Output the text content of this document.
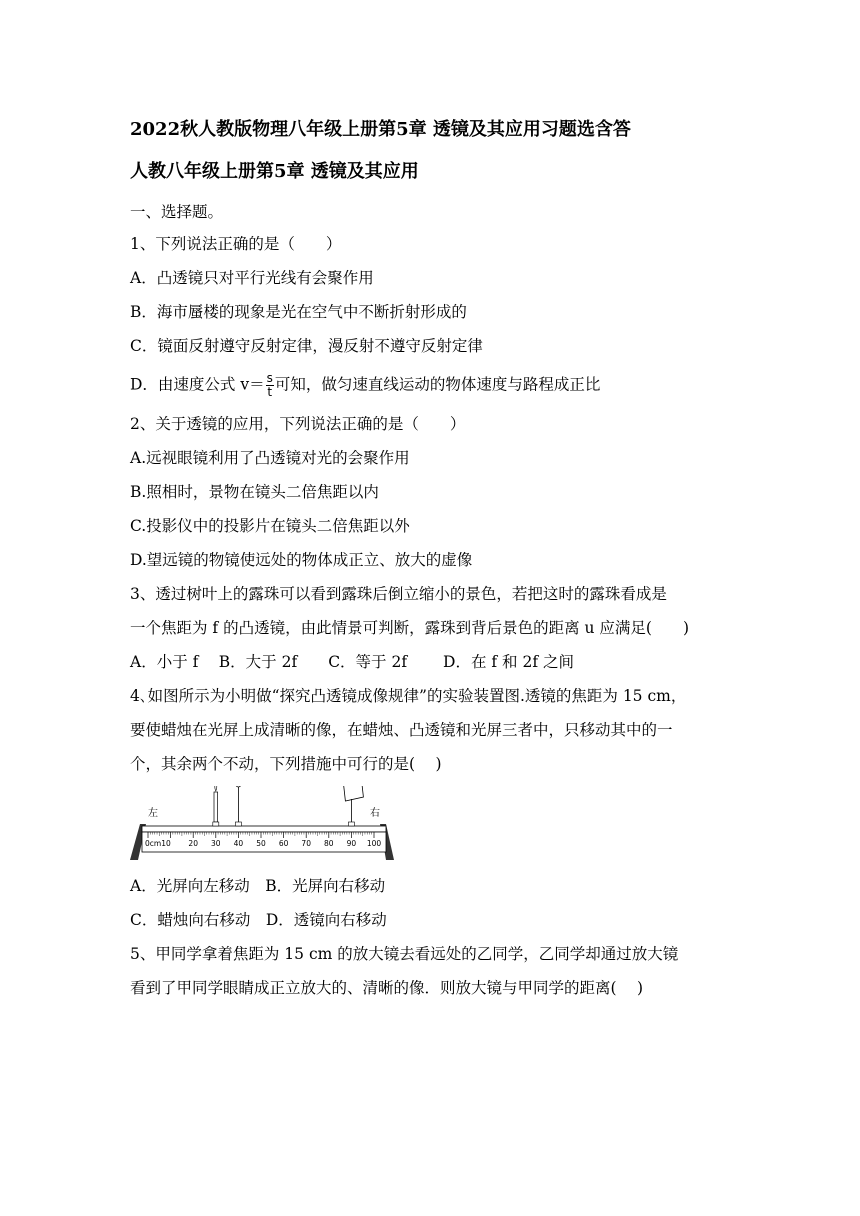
2022秋人教版物理八年级上册第5章 透镜及其应用习题选含答
人教八年级上册第5章 透镜及其应用
一、选择题。
1、下列说法正确的是（　　）
A．凸透镜只对平行光线有会聚作用
B．海市蜃楼的现象是光在空气中不断折射形成的
C．镜面反射遵守反射定律，漫反射不遵守反射定律
D．由速度公式 $v= \frac{s}{t}$ 可知，做匀速直线运动的物体速度与路程成正比
2、关于透镜的应用，下列说法正确的是（　　）
A.远视眼镜利用了凸透镜对光的会聚作用
B.照相时，景物在镜头二倍焦距以内
C.投影仪中的投影片在镜头二倍焦距以外
D.望远镜的物镜使远处的物体成正立、放大的虚像
3、透过树叶上的露珠可以看到露珠后倒立缩小的景色，若把这时的露珠看成是
一个焦距为 f 的凸透镜，由此情景可判断，露珠到背后景色的距离 u 应满足(　　)
A．小于 f　 B．大于 2f　　C．等于 2f　　 D．在 f 和 2f 之间
4､如图所示为小明做“探究凸透镜成像规律”的实验装置图.透镜的焦距为 15 cm，
要使蜡烛在光屏上成清晰的像，在蜡烛、凸透镜和光屏三者中，只移动其中的一
个，其余两个不动，下列措施中可行的是(　 )
左	右
0cm10 20 30 40 50 60 70 80 90 100
A．光屏向左移动　B．光屏向右移动
C．蜡烛向右移动　D．透镜向右移动
5、甲同学拿着焦距为 15 cm 的放大镜去看远处的乙同学，乙同学却通过放大镜
看到了甲同学眼睛成正立放大的、清晰的像．则放大镜与甲同学的距离(　 )
